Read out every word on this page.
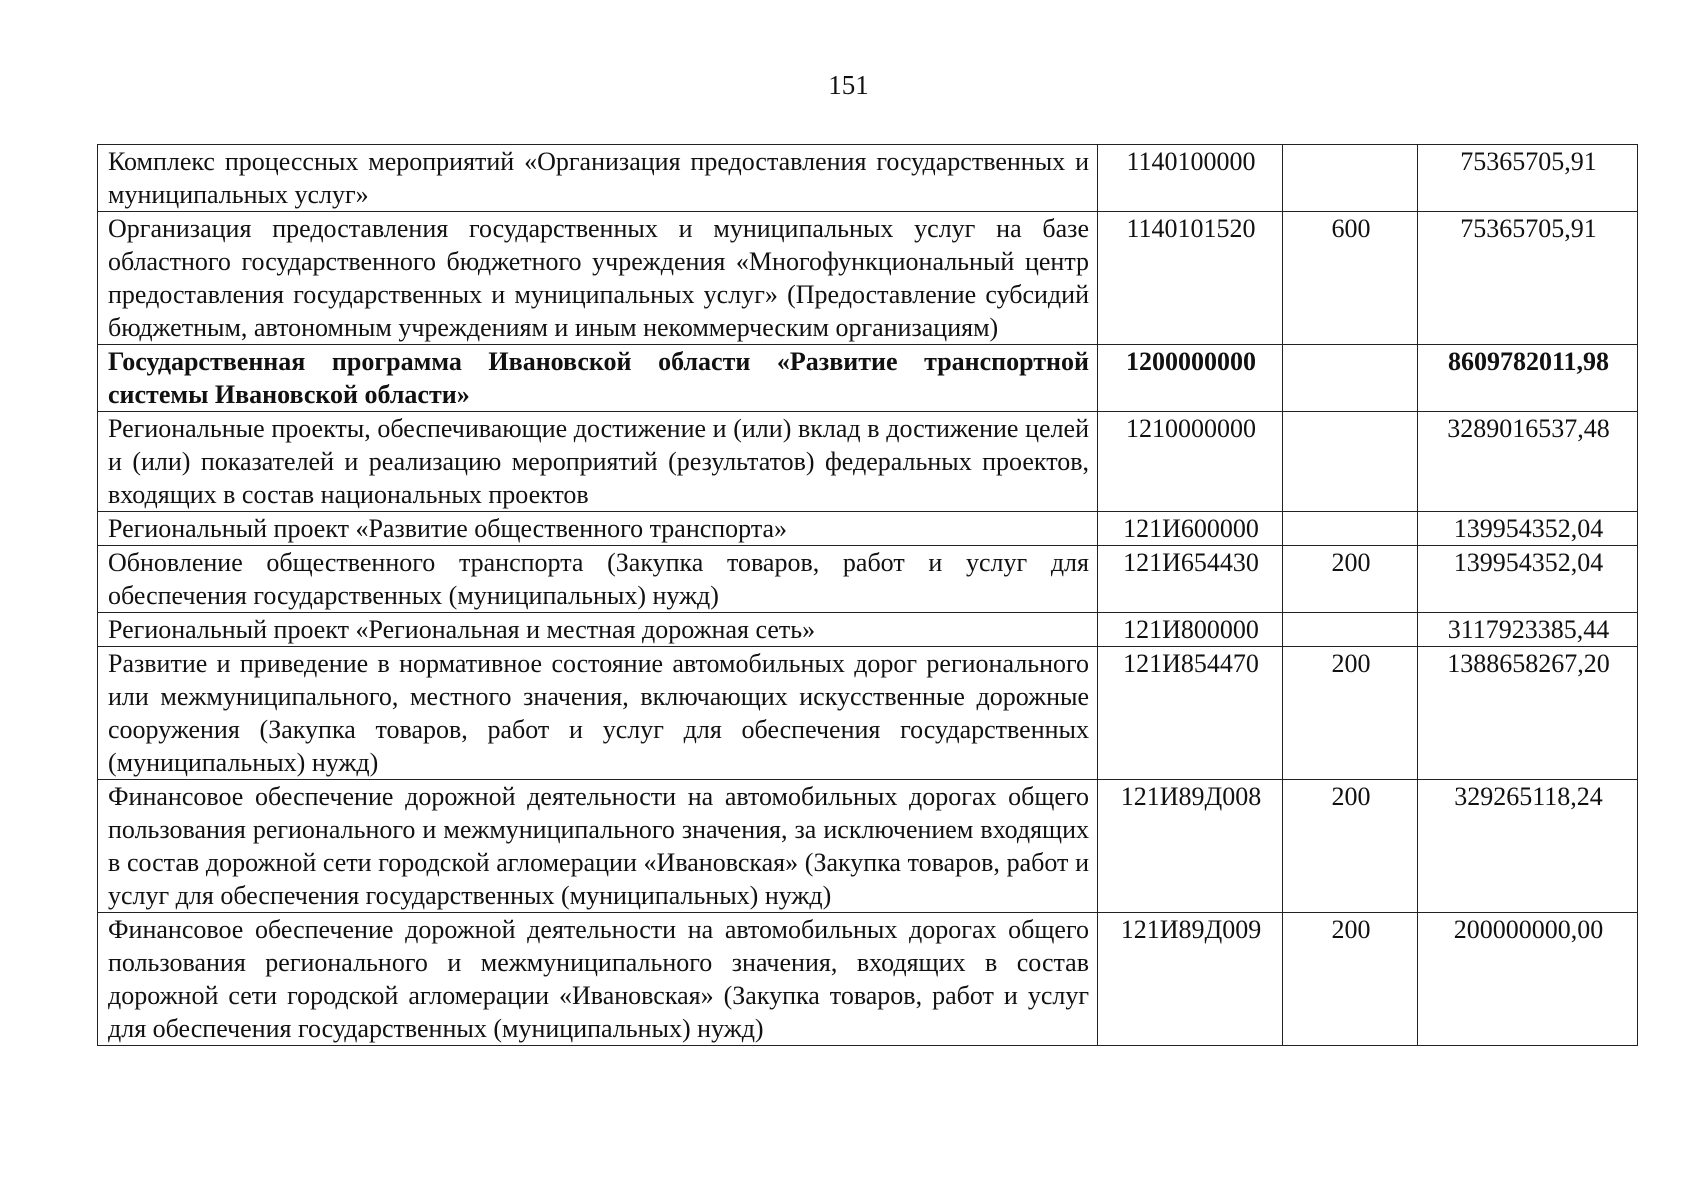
151
Комплекс процессных мероприятий «Организация предоставления государственных и муниципальных услуг»	1140100000		75365705,91
Организация предоставления государственных и муниципальных услуг на базе областного государственного бюджетного учреждения «Многофункциональный центр предоставления государственных и муниципальных услуг» (Предоставление субсидий бюджетным, автономным учреждениям и иным некоммерческим организациям)	1140101520	600	75365705,91
Государственная программа Ивановской области «Развитие транспортной системы Ивановской области»	1200000000		8609782011,98
Региональные проекты, обеспечивающие достижение и (или) вклад в достижение целей и (или) показателей и реализацию мероприятий (результатов) федеральных проектов, входящих в состав национальных проектов	1210000000		3289016537,48
Региональный проект «Развитие общественного транспорта»	121И600000		139954352,04
Обновление общественного транспорта (Закупка товаров, работ и услуг для обеспечения государственных (муниципальных) нужд)	121И654430	200	139954352,04
Региональный проект «Региональная и местная дорожная сеть»	121И800000		3117923385,44
Развитие и приведение в нормативное состояние автомобильных дорог регионального или межмуниципального, местного значения, включающих искусственные дорожные сооружения (Закупка товаров, работ и услуг для обеспечения государственных (муниципальных) нужд)	121И854470	200	1388658267,20
Финансовое обеспечение дорожной деятельности на автомобильных дорогах общего пользования регионального и межмуниципального значения, за исключением входящих в состав дорожной сети городской агломерации «Ивановская» (Закупка товаров, работ и услуг для обеспечения государственных (муниципальных) нужд)	121И89Д008	200	329265118,24
Финансовое обеспечение дорожной деятельности на автомобильных дорогах общего пользования регионального и межмуниципального значения, входящих в состав дорожной сети городской агломерации «Ивановская» (Закупка товаров, работ и услуг для обеспечения государственных (муниципальных) нужд)	121И89Д009	200	200000000,00
